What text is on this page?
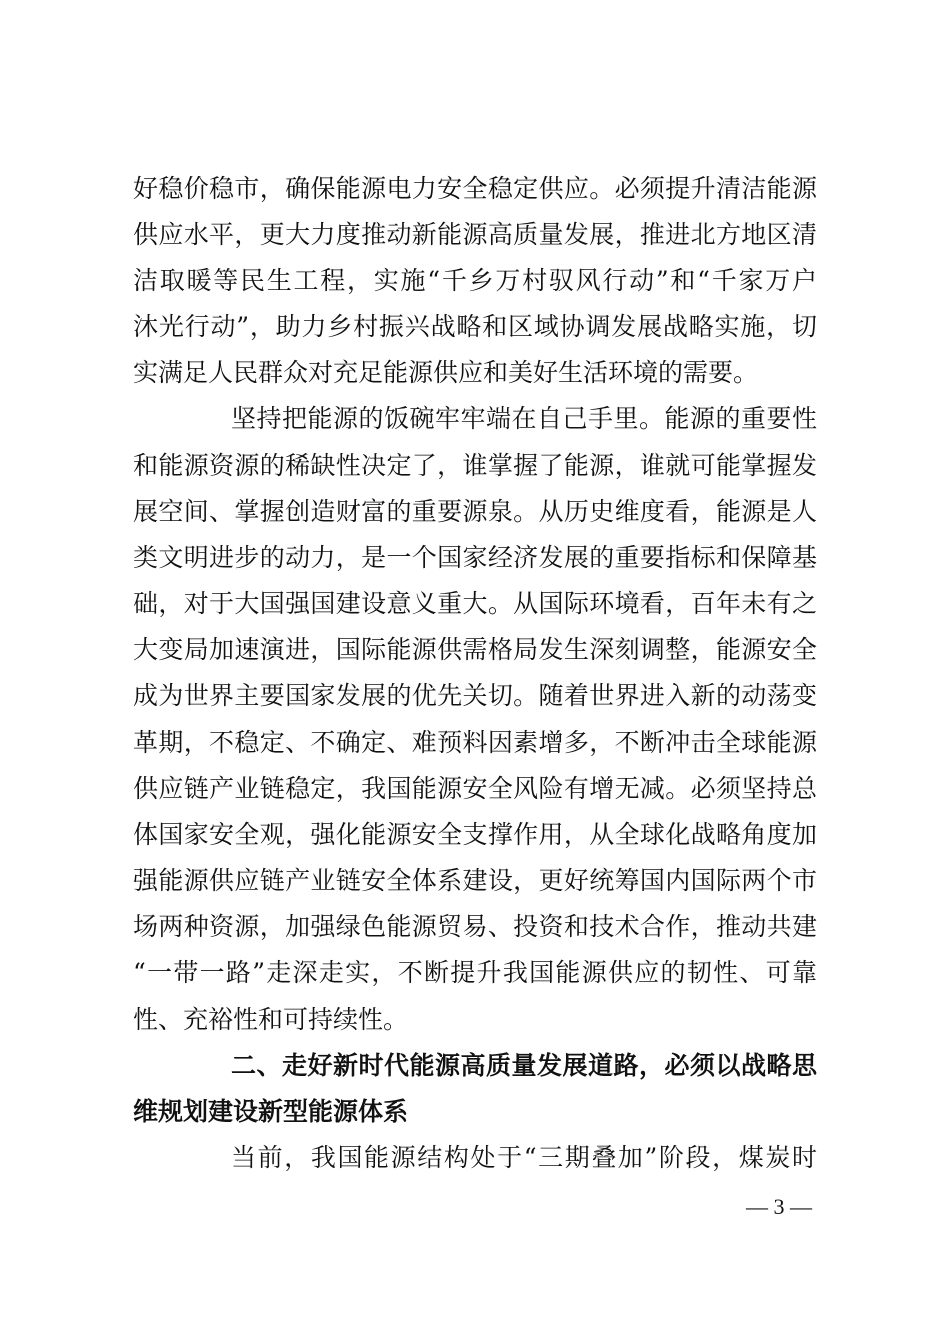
好稳价稳市，确保能源电力安全稳定供应。必须提升清洁能源
供应水平，更大力度推动新能源高质量发展，推进北方地区清
洁取暖等民生工程，实施“千乡万村驭风行动”和“千家万户
沐光行动”，助力乡村振兴战略和区域协调发展战略实施，切
实满足人民群众对充足能源供应和美好生活环境的需要。
坚持把能源的饭碗牢牢端在自己手里。能源的重要性
和能源资源的稀缺性决定了，谁掌握了能源，谁就可能掌握发
展空间、掌握创造财富的重要源泉。从历史维度看，能源是人
类文明进步的动力，是一个国家经济发展的重要指标和保障基
础，对于大国强国建设意义重大。从国际环境看，百年未有之
大变局加速演进，国际能源供需格局发生深刻调整，能源安全
成为世界主要国家发展的优先关切。随着世界进入新的动荡变
革期，不稳定、不确定、难预料因素增多，不断冲击全球能源
供应链产业链稳定，我国能源安全风险有增无减。必须坚持总
体国家安全观，强化能源安全支撑作用，从全球化战略角度加
强能源供应链产业链安全体系建设，更好统筹国内国际两个市
场两种资源，加强绿色能源贸易、投资和技术合作，推动共建
“一带一路”走深走实，不断提升我国能源供应的韧性、可靠
性、充裕性和可持续性。
二、走好新时代能源高质量发展道路，必须以战略思
维规划建设新型能源体系
当前，我国能源结构处于“三期叠加”阶段，煤炭时
— 3 —
